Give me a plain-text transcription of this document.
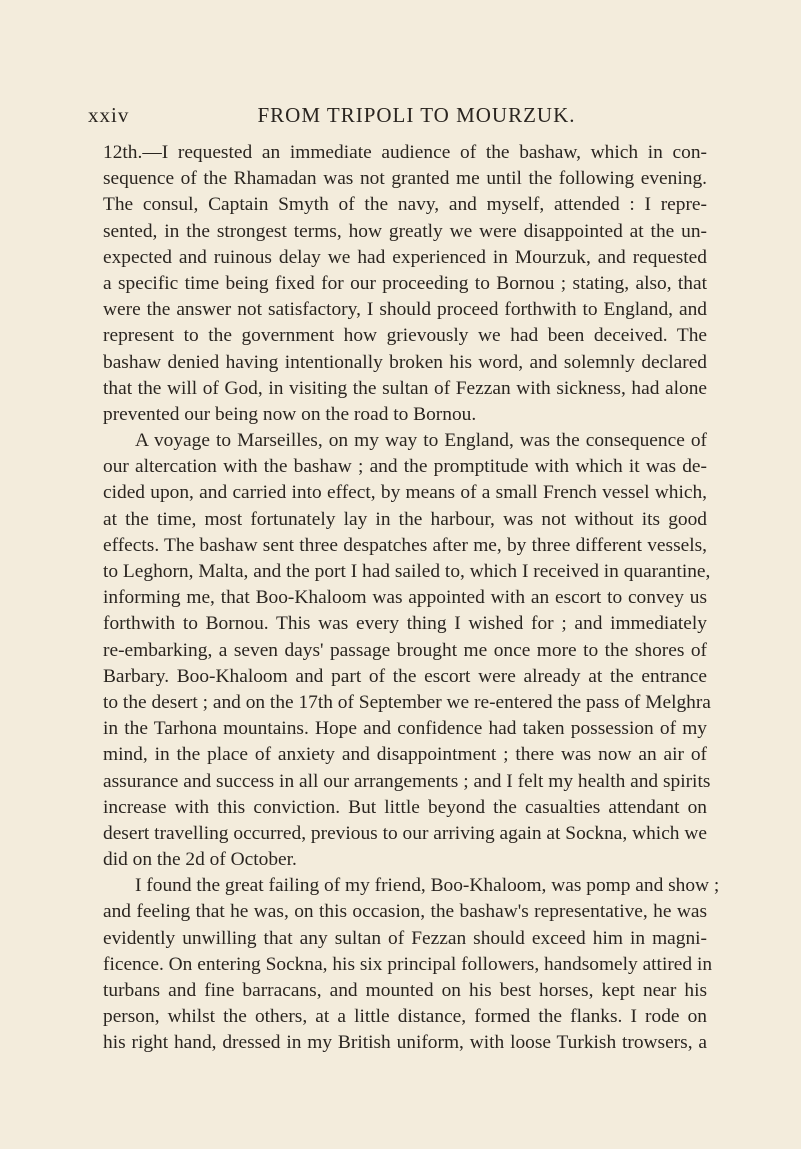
xxiv	FROM TRIPOLI TO MOURZUK.
12th.—I requested an immediate audience of the bashaw, which in con-
sequence of the Rhamadan was not granted me until the following evening.
The consul, Captain Smyth of the navy, and myself, attended : I repre-
sented, in the strongest terms, how greatly we were disappointed at the un-
expected and ruinous delay we had experienced in Mourzuk, and requested
a specific time being fixed for our proceeding to Bornou ; stating, also, that
were the answer not satisfactory, I should proceed forthwith to England, and
represent to the government how grievously we had been deceived. The
bashaw denied having intentionally broken his word, and solemnly declared
that the will of God, in visiting the sultan of Fezzan with sickness, had alone
prevented our being now on the road to Bornou.
A voyage to Marseilles, on my way to England, was the consequence of
our altercation with the bashaw ; and the promptitude with which it was de-
cided upon, and carried into effect, by means of a small French vessel which,
at the time, most fortunately lay in the harbour, was not without its good
effects. The bashaw sent three despatches after me, by three different vessels,
to Leghorn, Malta, and the port I had sailed to, which I received in quarantine,
informing me, that Boo-Khaloom was appointed with an escort to convey us
forthwith to Bornou. This was every thing I wished for ; and immediately
re-embarking, a seven days' passage brought me once more to the shores of
Barbary. Boo-Khaloom and part of the escort were already at the entrance
to the desert ; and on the 17th of September we re-entered the pass of Melghra
in the Tarhona mountains. Hope and confidence had taken possession of my
mind, in the place of anxiety and disappointment ; there was now an air of
assurance and success in all our arrangements ; and I felt my health and spirits
increase with this conviction. But little beyond the casualties attendant on
desert travelling occurred, previous to our arriving again at Sockna, which we
did on the 2d of October.
I found the great failing of my friend, Boo-Khaloom, was pomp and show ;
and feeling that he was, on this occasion, the bashaw's representative, he was
evidently unwilling that any sultan of Fezzan should exceed him in magni-
ficence. On entering Sockna, his six principal followers, handsomely attired in
turbans and fine barracans, and mounted on his best horses, kept near his
person, whilst the others, at a little distance, formed the flanks. I rode on
his right hand, dressed in my British uniform, with loose Turkish trowsers, a
